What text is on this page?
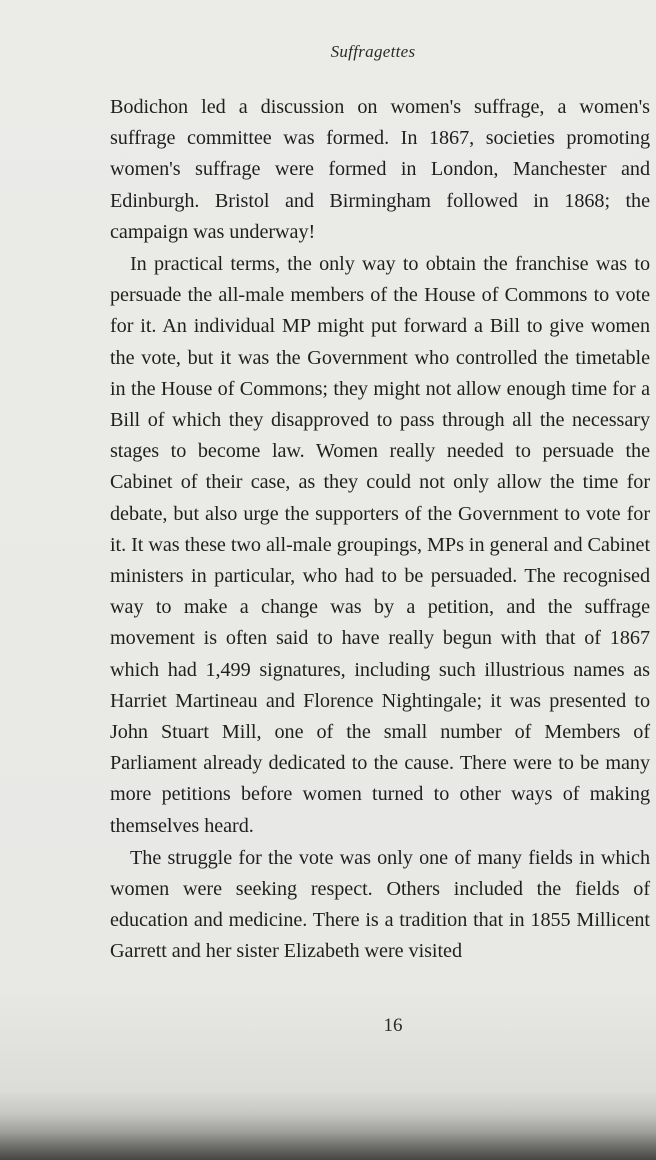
Suffragettes

Bodichon led a discussion on women's suffrage, a women's suffrage committee was formed. In 1867, societies promoting women's suffrage were formed in London, Manchester and Edinburgh. Bristol and Birmingham followed in 1868; the campaign was underway!

In practical terms, the only way to obtain the franchise was to persuade the all-male members of the House of Commons to vote for it. An individual MP might put forward a Bill to give women the vote, but it was the Government who controlled the timetable in the House of Commons; they might not allow enough time for a Bill of which they disapproved to pass through all the necessary stages to become law. Women really needed to persuade the Cabinet of their case, as they could not only allow the time for debate, but also urge the supporters of the Government to vote for it. It was these two all-male groupings, MPs in general and Cabinet ministers in particular, who had to be persuaded. The recognised way to make a change was by a petition, and the suffrage movement is often said to have really begun with that of 1867 which had 1,499 signatures, including such illustrious names as Harriet Martineau and Florence Nightingale; it was presented to John Stuart Mill, one of the small number of Members of Parliament already dedicated to the cause. There were to be many more petitions before women turned to other ways of making themselves heard.

The struggle for the vote was only one of many fields in which women were seeking respect. Others included the fields of education and medicine. There is a tradition that in 1855 Millicent Garrett and her sister Elizabeth were visited

16
